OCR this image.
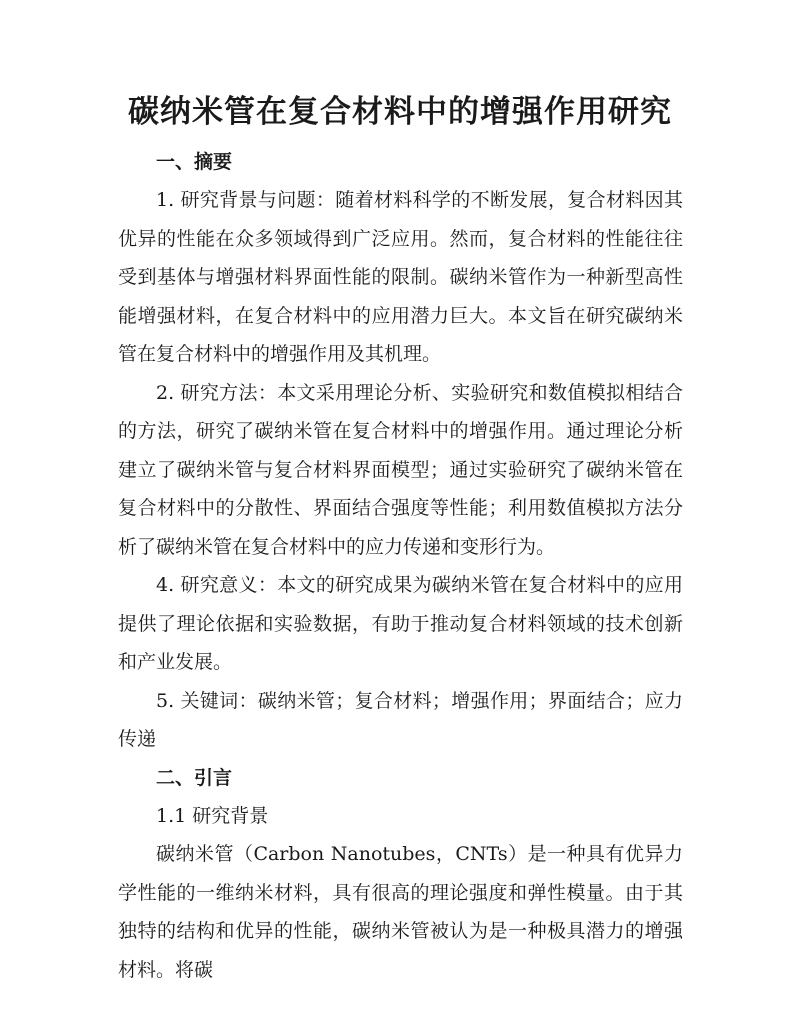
碳纳米管在复合材料中的增强作用研究

一、摘要

1. 研究背景与问题：随着材料科学的不断发展，复合材料因其优异的性能在众多领域得到广泛应用。然而，复合材料的性能往往受到基体与增强材料界面性能的限制。碳纳米管作为一种新型高性能增强材料，在复合材料中的应用潜力巨大。本文旨在研究碳纳米管在复合材料中的增强作用及其机理。

2. 研究方法：本文采用理论分析、实验研究和数值模拟相结合的方法，研究了碳纳米管在复合材料中的增强作用。通过理论分析建立了碳纳米管与复合材料界面模型；通过实验研究了碳纳米管在复合材料中的分散性、界面结合强度等性能；利用数值模拟方法分析了碳纳米管在复合材料中的应力传递和变形行为。

4. 研究意义：本文的研究成果为碳纳米管在复合材料中的应用提供了理论依据和实验数据，有助于推动复合材料领域的技术创新和产业发展。

5. 关键词：碳纳米管；复合材料；增强作用；界面结合；应力传递

二、引言

1.1 研究背景

碳纳米管（Carbon Nanotubes，CNTs）是一种具有优异力学性能的一维纳米材料，具有很高的理论强度和弹性模量。由于其独特的结构和优异的性能，碳纳米管被认为是一种极具潜力的增强材料。将碳
